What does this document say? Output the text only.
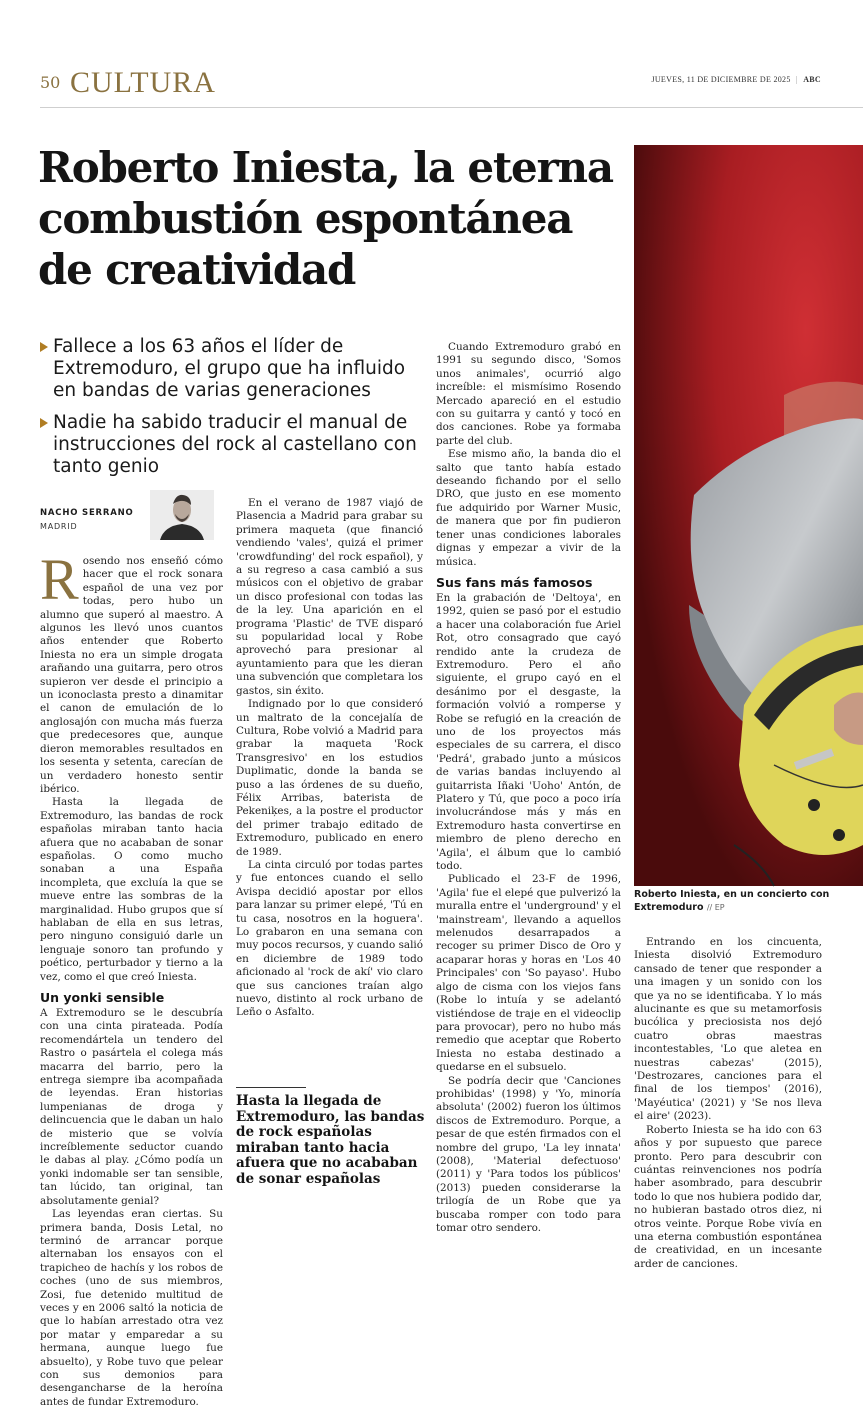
50 CULTURA	JUEVES, 11 DE DICIEMBRE DE 2025 | ABC
Roberto Iniesta, la eterna combustión espontánea de creatividad
Roberto Iniesta, en un concierto con Extremoduro // EP
Fallece a los 63 años el líder de Extremoduro, el grupo que ha influido en bandas de varias generaciones
Nadie ha sabido traducir el manual de instrucciones del rock al castellano con tanto genio
NACHO SERRANO
MADRID

Rosendo nos enseñó cómo hacer que el rock sonara español de una vez por todas, pero hubo un alumno que superó al maestro. A algunos les llevó unos cuantos años entender que Roberto Iniesta no era un simple drogata arañando una guitarra, pero otros supieron ver desde el principio a un iconoclasta presto a dinamitar el canon de emulación de lo anglosajón con mucha más fuerza que predecesores que, aunque dieron memorables resultados en los sesenta y setenta, carecían de un verdadero honesto sentir ibérico.

Hasta la llegada de Extremoduro, las bandas de rock españolas miraban tanto hacia afuera que no acababan de sonar españolas. O como mucho sonaban a una España incompleta, que excluía la que se mueve entre las sombras de la marginalidad. Hubo grupos que sí hablaban de ella en sus letras, pero ninguno consiguió darle un lenguaje sonoro tan profundo y poético, perturbador y tierno a la vez, como el que creó Iniesta.

Un yonki sensible

A Extremoduro se le descubría con una cinta pirateada. Podía recomendártela un tendero del Rastro o pasártela el colega más macarra del barrio, pero la entrega siempre iba acompañada de leyendas. Eran historias lumpenianas de droga y delincuencia que le daban un halo de misterio que se volvía increíblemente seductor cuando le dabas al play. ¿Cómo podía un yonki indomable ser tan sensible, tan lúcido, tan original, tan absolutamente genial?

Las leyendas eran ciertas. Su primera banda, Dosis Letal, no terminó de arrancar porque alternaban los ensayos con el trapicheo de hachís y los robos de coches (uno de sus miembros, Zosi, fue detenido multitud de veces y en 2006 saltó la noticia de que lo habían arrestado otra vez por matar y emparedar a su hermana, aunque luego fue absuelto), y Robe tuvo que pelear con sus demonios para desengancharse de la heroína antes de fundar Extremoduro.

En el verano de 1987 viajó de Plasencia a Madrid para grabar su primera maqueta (que financió vendiendo 'vales', quizá el primer 'crowdfunding' del rock español), y a su regreso a casa cambió a sus músicos con el objetivo de grabar un disco profesional con todas las de la ley. Una aparición en el programa 'Plastic' de TVE disparó su popularidad local y Robe aprovechó para presionar al ayuntamiento para que les dieran una subvención que completara los gastos, sin éxito.

Indignado por lo que consideró un maltrato de la concejalía de Cultura, Robe volvió a Madrid para grabar la maqueta 'Rock Transgresivo' en los estudios Duplimatic, donde la banda se puso a las órdenes de su dueño, Félix Arribas, baterista de Pekeniķes, a la postre el productor del primer trabajo editado de Extremoduro, publicado en enero de 1989.

La cinta circuló por todas partes y fue entonces cuando el sello Avispa decidió apostar por ellos para lanzar su primer elepé, 'Tú en tu casa, nosotros en la hoguera'. Lo grabaron en una semana con muy pocos recursos, y cuando salió en diciembre de 1989 todo aficionado al 'rock de akí' vio claro que sus canciones traían algo nuevo, distinto al rock urbano de Leño o Asfalto.

Hasta la llegada de Extremoduro, las bandas de rock españolas miraban tanto hacia afuera que no acababan de sonar españolas

Cuando Extremoduro grabó en 1991 su segundo disco, 'Somos unos animales', ocurrió algo increíble: el mismísimo Rosendo Mercado apareció en el estudio con su guitarra y cantó y tocó en dos canciones. Robe ya formaba parte del club.

Ese mismo año, la banda dio el salto que tanto había estado deseando fichando por el sello DRO, que justo en ese momento fue adquirido por Warner Music, de manera que por fin pudieron tener unas condiciones laborales dignas y empezar a vivir de la música.

Sus fans más famosos

En la grabación de 'Deltoya', en 1992, quien se pasó por el estudio a hacer una colaboración fue Ariel Rot, otro consagrado que cayó rendido ante la crudeza de Extremoduro. Pero el año siguiente, el grupo cayó en el desánimo por el desgaste, la formación volvió a romperse y Robe se refugió en la creación de uno de los proyectos más especiales de su carrera, el disco 'Pedrá', grabado junto a músicos de varias bandas incluyendo al guitarrista Iñaki 'Uoho' Antón, de Platero y Tú, que poco a poco iría involucrándose más y más en Extremoduro hasta convertirse en miembro de pleno derecho en 'Agila', el álbum que lo cambió todo.

Publicado el 23-F de 1996, 'Agila' fue el elepé que pulverizó la muralla entre el 'underground' y el 'mainstream', llevando a aquellos melenudos desarrapados a recoger su primer Disco de Oro y acaparar horas y horas en 'Los 40 Principales' con 'So payaso'. Hubo algo de cisma con los viejos fans (Robe lo intuía y se adelantó vistiéndose de traje en el videoclip para provocar), pero no hubo más remedio que aceptar que Roberto Iniesta no estaba destinado a quedarse en el subsuelo.

Se podría decir que 'Canciones prohibidas' (1998) y 'Yo, minoría absoluta' (2002) fueron los últimos discos de Extremoduro. Porque, a pesar de que estén firmados con el nombre del grupo, 'La ley innata' (2008), 'Material defectuoso' (2011) y 'Para todos los públicos' (2013) pueden considerarse la trilogía de un Robe que ya buscaba romper con todo para tomar otro sendero.

Entrando en los cincuenta, Iniesta disolvió Extremoduro cansado de tener que responder a una imagen y un sonido con los que ya no se identificaba. Y lo más alucinante es que su metamorfosis bucólica y preciosista nos dejó cuatro obras maestras incontestables, 'Lo que aletea en nuestras cabezas' (2015), 'Destrozares, canciones para el final de los tiempos' (2016), 'Mayéutica' (2021) y 'Se nos lleva el aire' (2023).

Roberto Iniesta se ha ido con 63 años y por supuesto que parece pronto. Pero para descubrir con cuántas reinvenciones nos podría haber asombrado, para descubrir todo lo que nos hubiera podido dar, no hubieran bastado otros diez, ni otros veinte. Porque Robe vivía en una eterna combustión espontánea de creatividad, en un incesante arder de canciones.
